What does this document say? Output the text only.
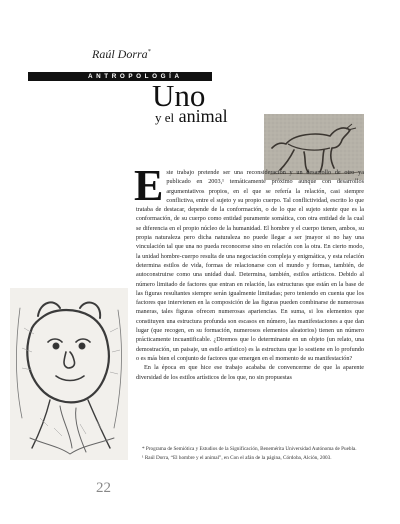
Raúl Dorra*
ANTROPOLOGÍA
Uno
y el animal

Este trabajo pretende ser una reconsideración y un desarrollo de otro ya publicado en 2003,¹ temáticamente próximo aunque con desarrollos argumentativos propios, en el que se refería la relación, casi siempre conflictiva, entre el sujeto y su propio cuerpo. Tal conflictividad, escrito lo que trataba de destacar, depende de la conformación, o de lo que el sujeto siente que es la conformación, de su cuerpo como entidad puramente somática, con otra entidad de la cual se diferencia en el propio núcleo de la humanidad. El hombre y el cuerpo tienen, ambos, su propia naturaleza pero dicha naturaleza no puede llegar a ser jmayor si no hay una vinculación tal que una no pueda reconocerse sino en relación con la otra. En cierto modo, la unidad hombre-cuerpo resulta de una negociación compleja y enigmática, y esta relación determina estilos de vida, formas de relacionarse con el mundo y formas, también, de autoconstruirse como una unidad dual. Determina, también, estilos artísticos. Debido al número limitado de factores que entran en relación, las estructuras que están en la base de las figuras resultantes siempre serán igualmente limitadas; pero teniendo en cuenta que los factores que intervienen en la composición de las figuras pueden combinarse de numerosas maneras, tales figuras ofrecen numerosas apariencias. En suma, si los elementos que constituyen una estructura profunda son escasos en número, las manifestaciones a que dan lugar (que recogen, en su formación, numerosos elementos aleatorios) tienen un número prácticamente incuantificable. ¿Diremos que lo determinante en un objeto (un relato, una demostración, un paisaje, un estilo artístico) es la estructura que lo sostiene en lo profundo o es más bien el conjunto de factores que emergen en el momento de su manifestación?

En la época en que hice ese trabajo acababa de convencerme de que la aparente diversidad de los estilos artísticos de los que, no sin propuestas

* Programa de Semiótica y Estudios de la Significación, Benemérita Universidad Autónoma de Puebla.

¹ Raúl Dorra, “El hombre y el animal”, en Con el afán de la página, Córdoba, Alción, 2003.

22
